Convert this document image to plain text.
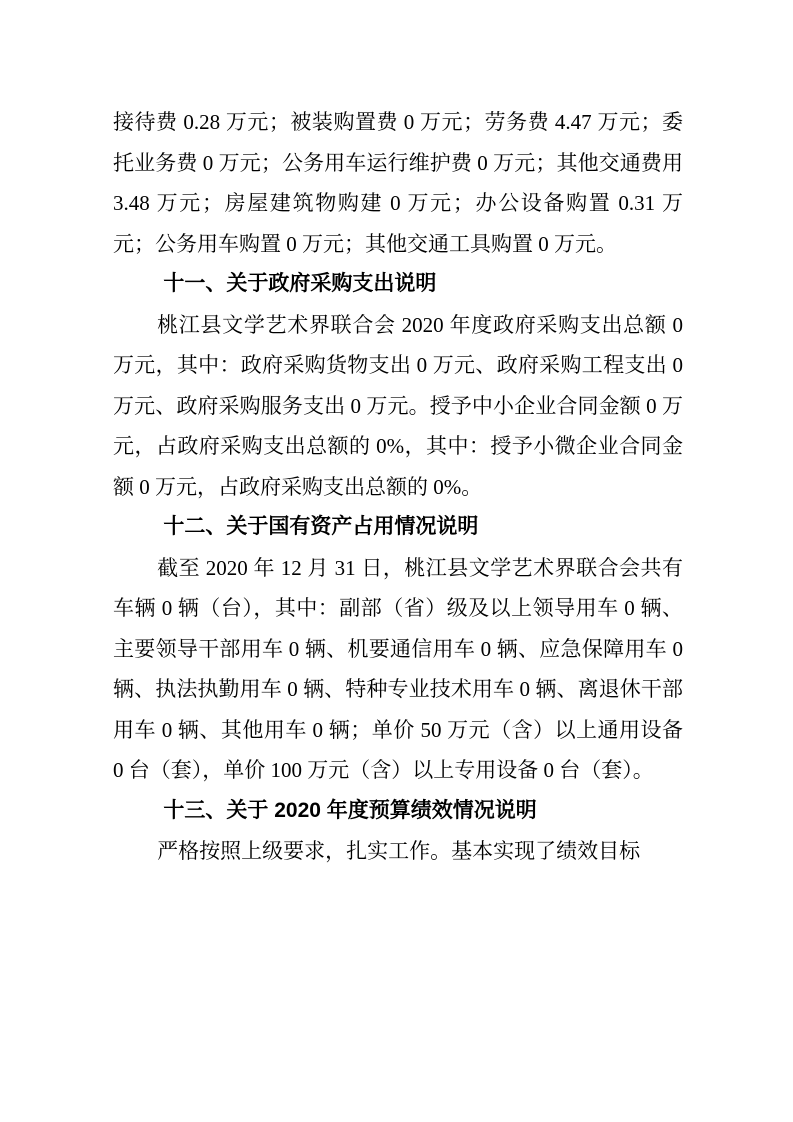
接待费 0.28 万元；被装购置费 0 万元；劳务费 4.47 万元；委托业务费 0 万元；公务用车运行维护费 0 万元；其他交通费用 3.48 万元；房屋建筑物购建 0 万元；办公设备购置 0.31 万元；公务用车购置 0 万元；其他交通工具购置 0 万元。

十一、关于政府采购支出说明

桃江县文学艺术界联合会 2020 年度政府采购支出总额 0 万元，其中：政府采购货物支出 0 万元、政府采购工程支出 0 万元、政府采购服务支出 0 万元。授予中小企业合同金额 0 万元，占政府采购支出总额的 0%，其中：授予小微企业合同金额 0 万元，占政府采购支出总额的 0%。

十二、关于国有资产占用情况说明

截至 2020 年 12 月 31 日，桃江县文学艺术界联合会共有车辆 0 辆（台），其中：副部（省）级及以上领导用车 0 辆、主要领导干部用车 0 辆、机要通信用车 0 辆、应急保障用车 0 辆、执法执勤用车 0 辆、特种专业技术用车 0 辆、离退休干部用车 0 辆、其他用车 0 辆；单价 50 万元（含）以上通用设备 0 台（套），单价 100 万元（含）以上专用设备 0 台（套）。

十三、关于 2020 年度预算绩效情况说明

严格按照上级要求，扎实工作。基本实现了绩效目标
